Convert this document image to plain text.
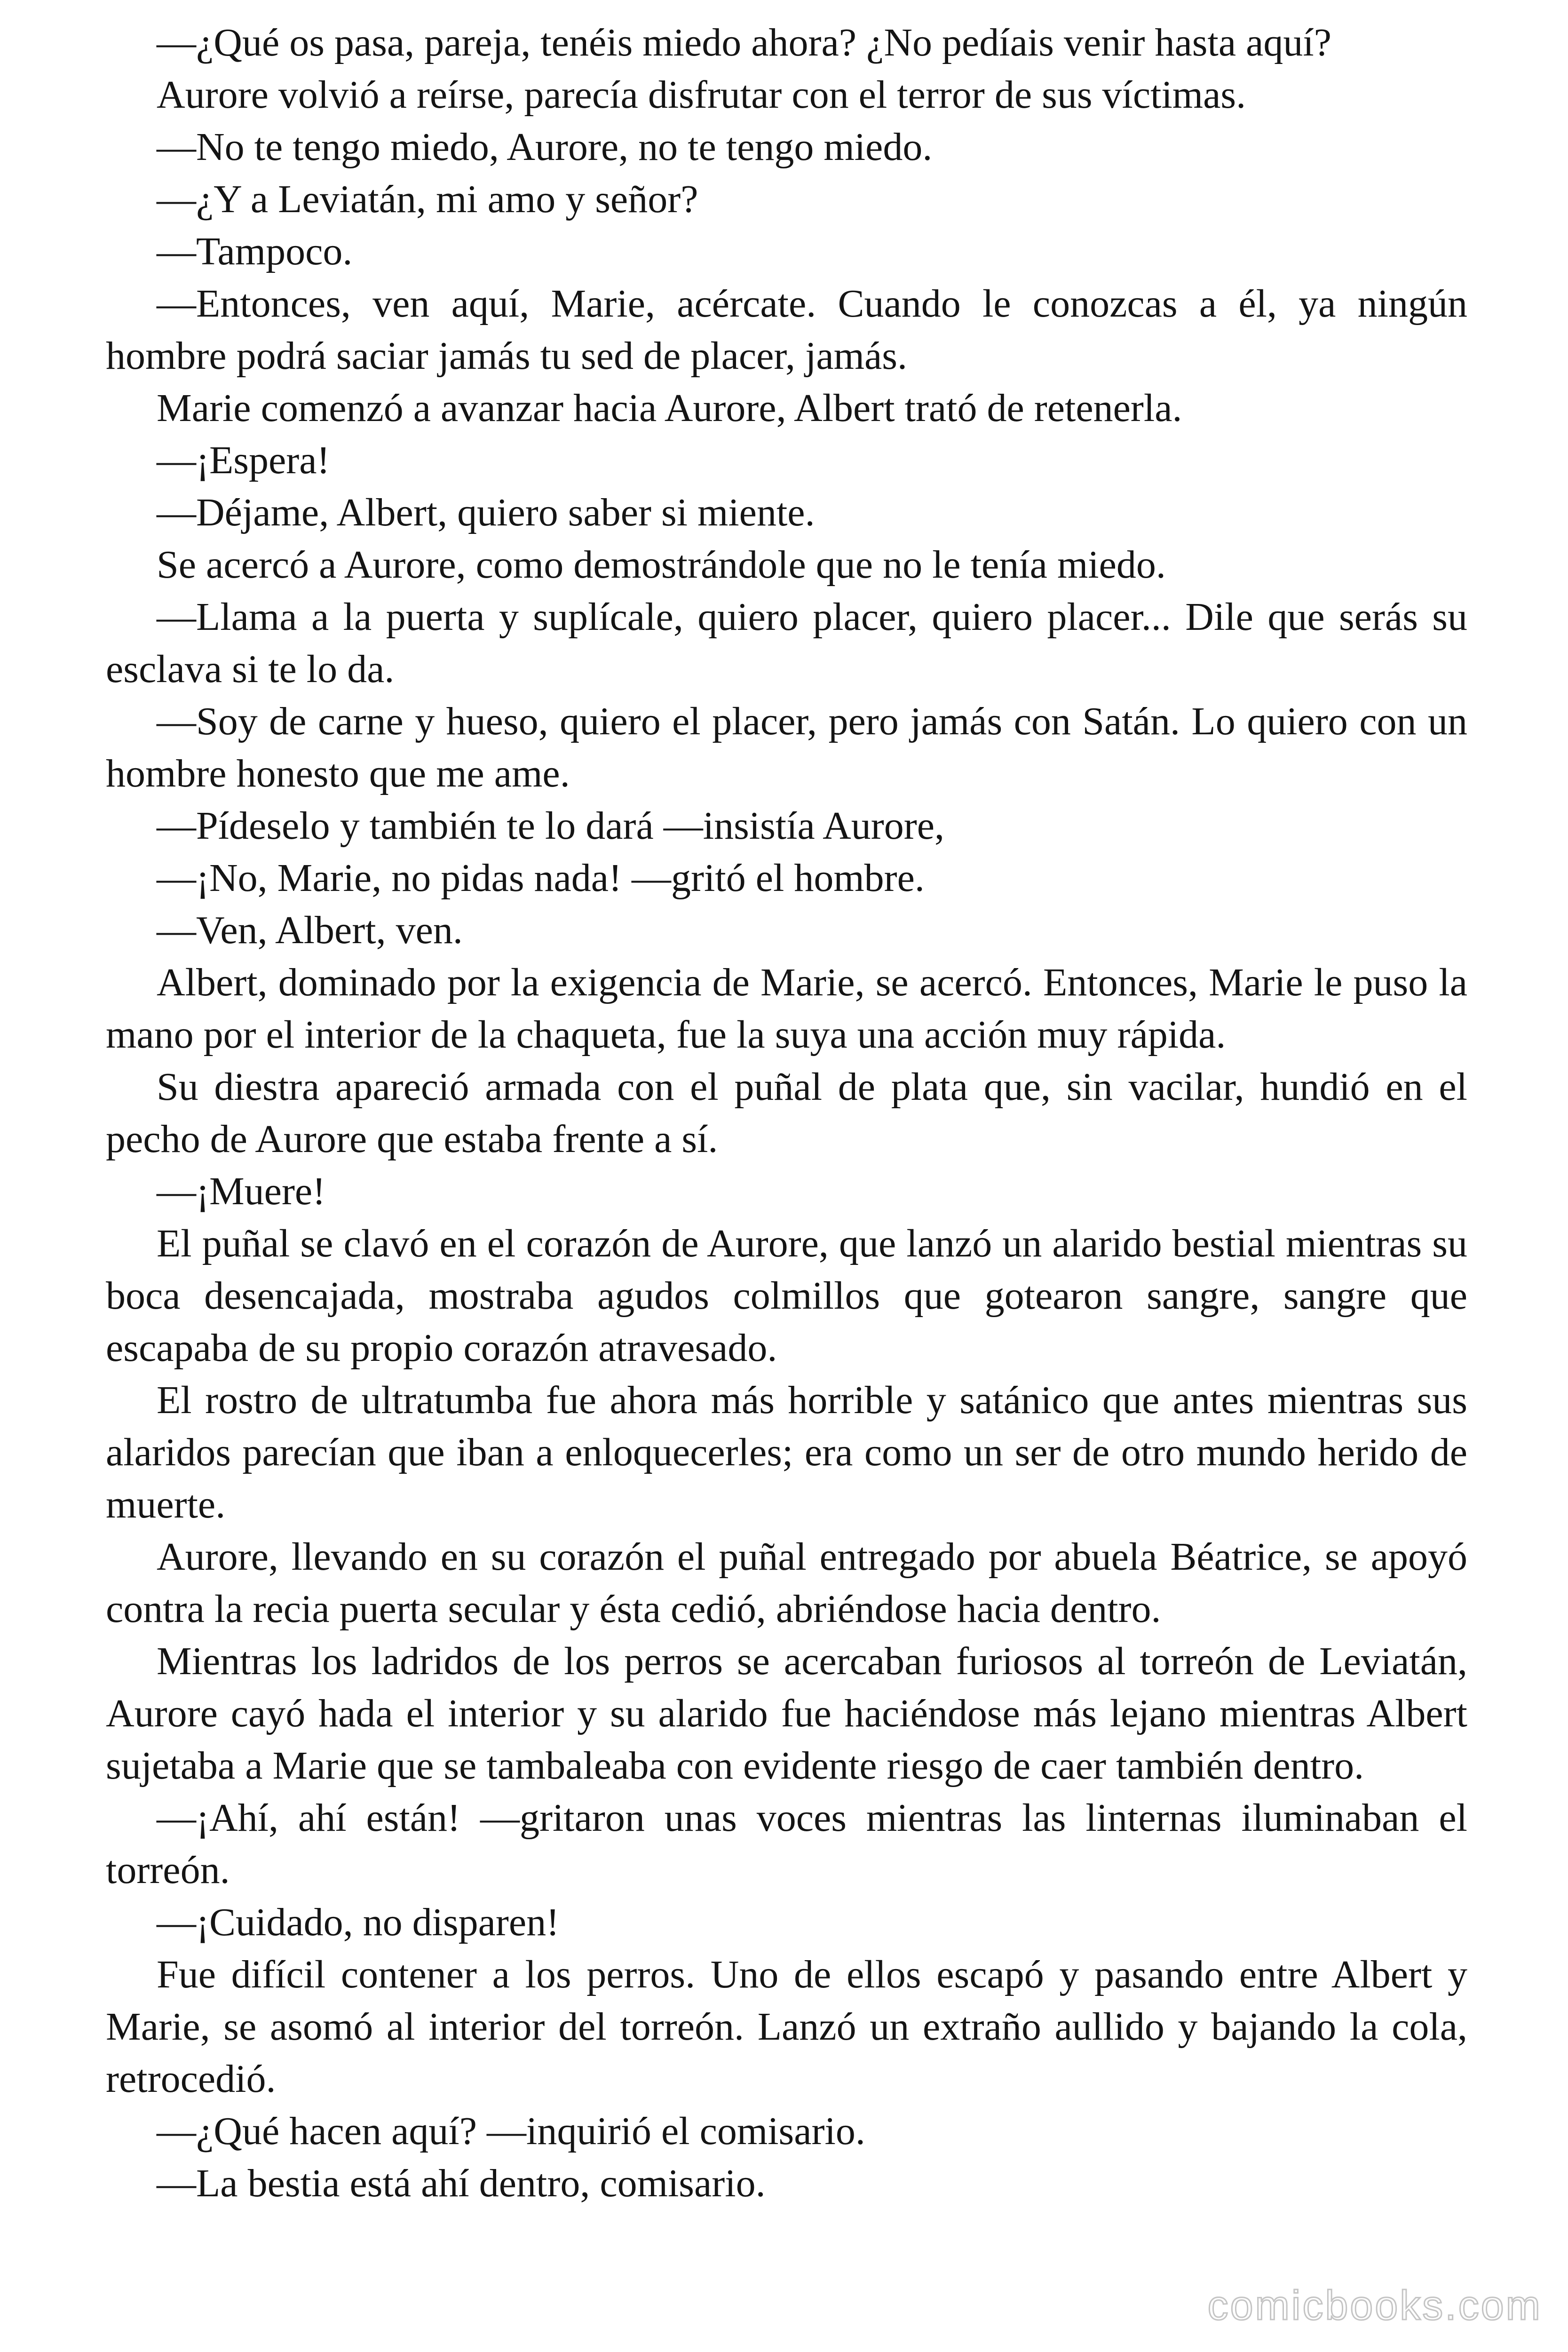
—¿Qué os pasa, pareja, tenéis miedo ahora? ¿No pedíais venir hasta aquí?

Aurore volvió a reírse, parecía disfrutar con el terror de sus víctimas.

—No te tengo miedo, Aurore, no te tengo miedo.

—¿Y a Leviatán, mi amo y señor?

—Tampoco.

—Entonces, ven aquí, Marie, acércate. Cuando le conozcas a él, ya ningún hombre podrá saciar jamás tu sed de placer, jamás.

Marie comenzó a avanzar hacia Aurore, Albert trató de retenerla.

—¡Espera!

—Déjame, Albert, quiero saber si miente.

Se acercó a Aurore, como demostrándole que no le tenía miedo.

—Llama a la puerta y suplícale, quiero placer, quiero placer... Dile que serás su esclava si te lo da.

—Soy de carne y hueso, quiero el placer, pero jamás con Satán. Lo quiero con un hombre honesto que me ame.

—Pídeselo y también te lo dará —insistía Aurore,

—¡No, Marie, no pidas nada! —gritó el hombre.

—Ven, Albert, ven.

Albert, dominado por la exigencia de Marie, se acercó. Entonces, Marie le puso la mano por el interior de la chaqueta, fue la suya una acción muy rápida.

Su diestra apareció armada con el puñal de plata que, sin vacilar, hundió en el pecho de Aurore que estaba frente a sí.

—¡Muere!

El puñal se clavó en el corazón de Aurore, que lanzó un alarido bestial mientras su boca desencajada, mostraba agudos colmillos que gotearon sangre, sangre que escapaba de su propio corazón atravesado.

El rostro de ultratumba fue ahora más horrible y satánico que antes mientras sus alaridos parecían que iban a enloquecerles; era como un ser de otro mundo herido de muerte.

Aurore, llevando en su corazón el puñal entregado por abuela Béatrice, se apoyó contra la recia puerta secular y ésta cedió, abriéndose hacia dentro.

Mientras los ladridos de los perros se acercaban furiosos al torreón de Leviatán, Aurore cayó hada el interior y su alarido fue haciéndose más lejano mientras Albert sujetaba a Marie que se tambaleaba con evidente riesgo de caer también dentro.

—¡Ahí, ahí están! —gritaron unas voces mientras las linternas iluminaban el torreón.

—¡Cuidado, no disparen!

Fue difícil contener a los perros. Uno de ellos escapó y pasando entre Albert y Marie, se asomó al interior del torreón. Lanzó un extraño aullido y bajando la cola, retrocedió.

—¿Qué hacen aquí? —inquirió el comisario.

—La bestia está ahí dentro, comisario.

comicbooks.com
